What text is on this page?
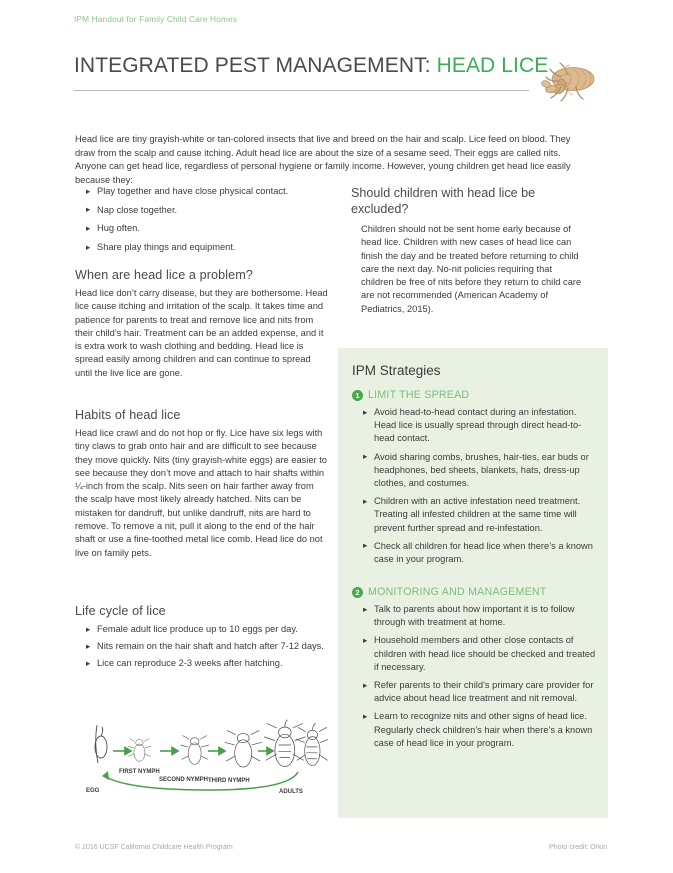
IPM Handout for Family Child Care Homes
INTEGRATED PEST MANAGEMENT: HEAD LICE

Head lice are tiny grayish-white or tan-colored insects that live and breed on the hair and scalp. Lice feed on blood. They draw from the scalp and cause itching. Adult head lice are about the size of a sesame seed. Their eggs are called nits. Anyone can get head lice, regardless of personal hygiene or family income. However, young children get head lice easily because they:

▸ Play together and have close physical contact.
▸ Nap close together.
▸ Hug often.
▸ Share play things and equipment.
When are head lice a problem?

Head lice don’t carry disease, but they are bothersome. Head lice cause itching and irritation of the scalp. It takes time and patience for parents to treat and remove lice and nits from their child’s hair. Treatment can be an added expense, and it is extra work to wash clothing and bedding. Head lice is spread easily among children and can continue to spread until the live lice are gone.

Habits of head lice

Head lice crawl and do not hop or fly. Lice have six legs with tiny claws to grab onto hair and are difficult to see because they move quickly. Nits (tiny grayish-white eggs) are easier to see because they don’t move and attach to hair shafts within ¼-inch from the scalp. Nits seen on hair farther away from the scalp have most likely already hatched. Nits can be mistaken for dandruff, but unlike dandruff, nits are hard to remove. To remove a nit, pull it along to the end of the hair shaft or use a fine-toothed metal lice comb. Head lice do not live on family pets.

Life cycle of lice
▸ Female adult lice produce up to 10 eggs per day.
▸ Nits remain on the hair shaft and hatch after 7-12 days.
▸ Lice can reproduce 2-3 weeks after hatching.
EGG
FIRST NYMPH
SECOND NYMPH THIRD NYMPH
ADULTS
Should children with head lice be excluded?

Children should not be sent home early because of head lice. Children with new cases of head lice can finish the day and be treated before returning to child care the next day. No-nit policies requiring that children be free of nits before they return to child care are not recommended (American Academy of Pediatrics, 2015).

IPM Strategies
1 LIMIT THE SPREAD
▸ Avoid head-to-head contact during an infestation. Head lice is usually spread through direct head-to-head contact.
▸ Avoid sharing combs, brushes, hair-ties, ear buds or headphones, bed sheets, blankets, hats, dress-up clothes, and costumes.
▸ Children with an active infestation need treatment. Treating all infested children at the same time will prevent further spread and re-infestation.
▸ Check all children for head lice when there’s a known case in your program.
2 MONITORING AND MANAGEMENT
▸ Talk to parents about how important it is to follow through with treatment at home.
▸ Household members and other close contacts of children with head lice should be checked and treated if necessary.
▸ Refer parents to their child’s primary care provider for advice about head lice treatment and nit removal.
▸ Learn to recognize nits and other signs of head lice. Regularly check children’s hair when there’s a known case of head lice in your program.
© 2016 UCSF California Childcare Health Program	Photo credit: Orkin
